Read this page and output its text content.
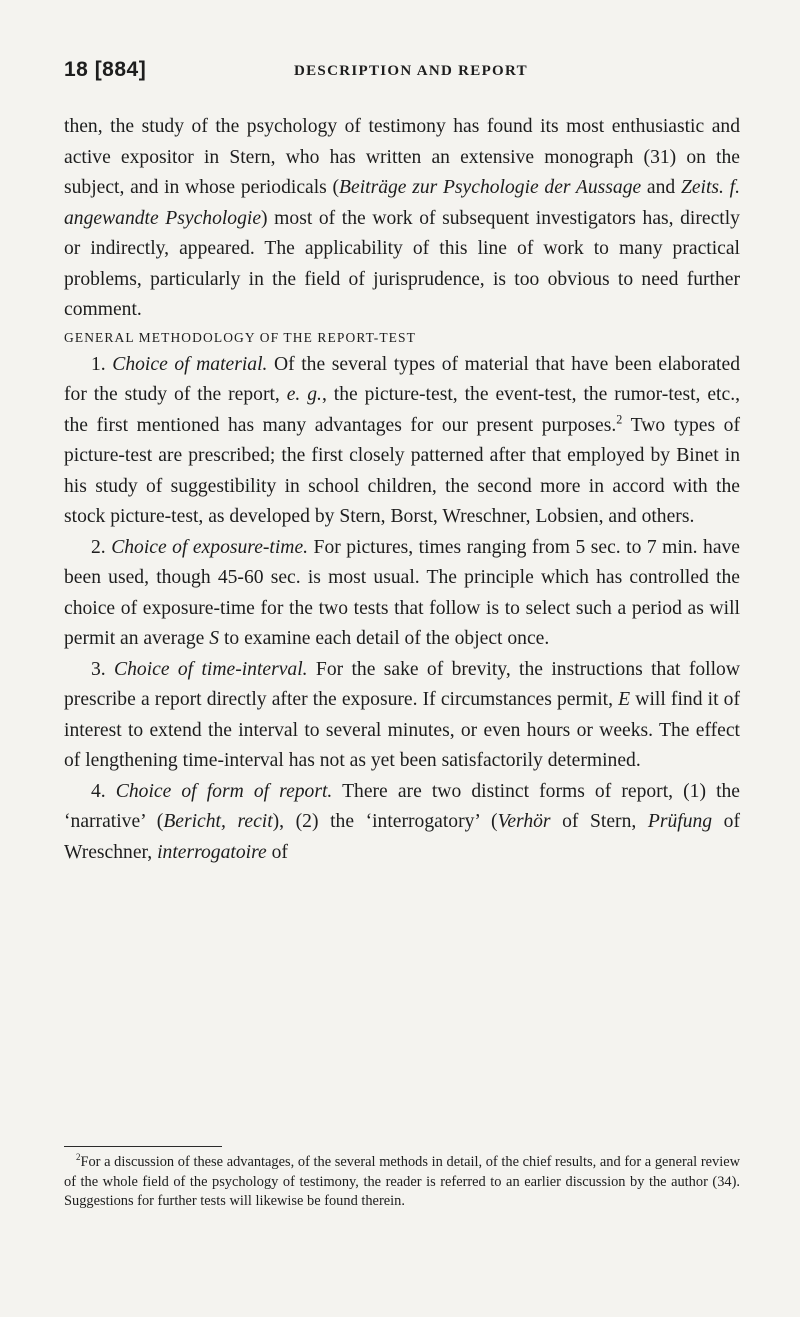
18 [884]	DESCRIPTION AND REPORT

then, the study of the psychology of testimony has found its most enthusiastic and active expositor in Stern, who has written an extensive monograph (31) on the subject, and in whose periodicals (Beiträge zur Psychologie der Aussage and Zeits. f. angewandte Psychologie) most of the work of subsequent investigators has, directly or indirectly, appeared. The applicability of this line of work to many practical problems, particularly in the field of jurisprudence, is too obvious to need further comment.

GENERAL METHODOLOGY OF THE REPORT-TEST

1. Choice of material. Of the several types of material that have been elaborated for the study of the report, e. g., the picture-test, the event-test, the rumor-test, etc., the first mentioned has many advantages for our present purposes.$^2$ Two types of picture-test are prescribed; the first closely patterned after that employed by Binet in his study of suggestibility in school children, the second more in accord with the stock picture-test, as developed by Stern, Borst, Wreschner, Lobsien, and others.

2. Choice of exposure-time. For pictures, times ranging from 5 sec. to 7 min. have been used, though 45-60 sec. is most usual. The principle which has controlled the choice of exposure-time for the two tests that follow is to select such a period as will permit an average S to examine each detail of the object once.

3. Choice of time-interval. For the sake of brevity, the instructions that follow prescribe a report directly after the exposure. If circumstances permit, E will find it of interest to extend the interval to several minutes, or even hours or weeks. The effect of lengthening time-interval has not as yet been satisfactorily determined.

4. Choice of form of report. There are two distinct forms of report, (1) the ‘narrative’ (Bericht, recit), (2) the ‘interrogatory’ (Verhör of Stern, Prüfung of Wreschner, interrogatoire of

$^2$For a discussion of these advantages, of the several methods in detail, of the chief results, and for a general review of the whole field of the psychology of testimony, the reader is referred to an earlier discussion by the author (34). Suggestions for further tests will likewise be found therein.
